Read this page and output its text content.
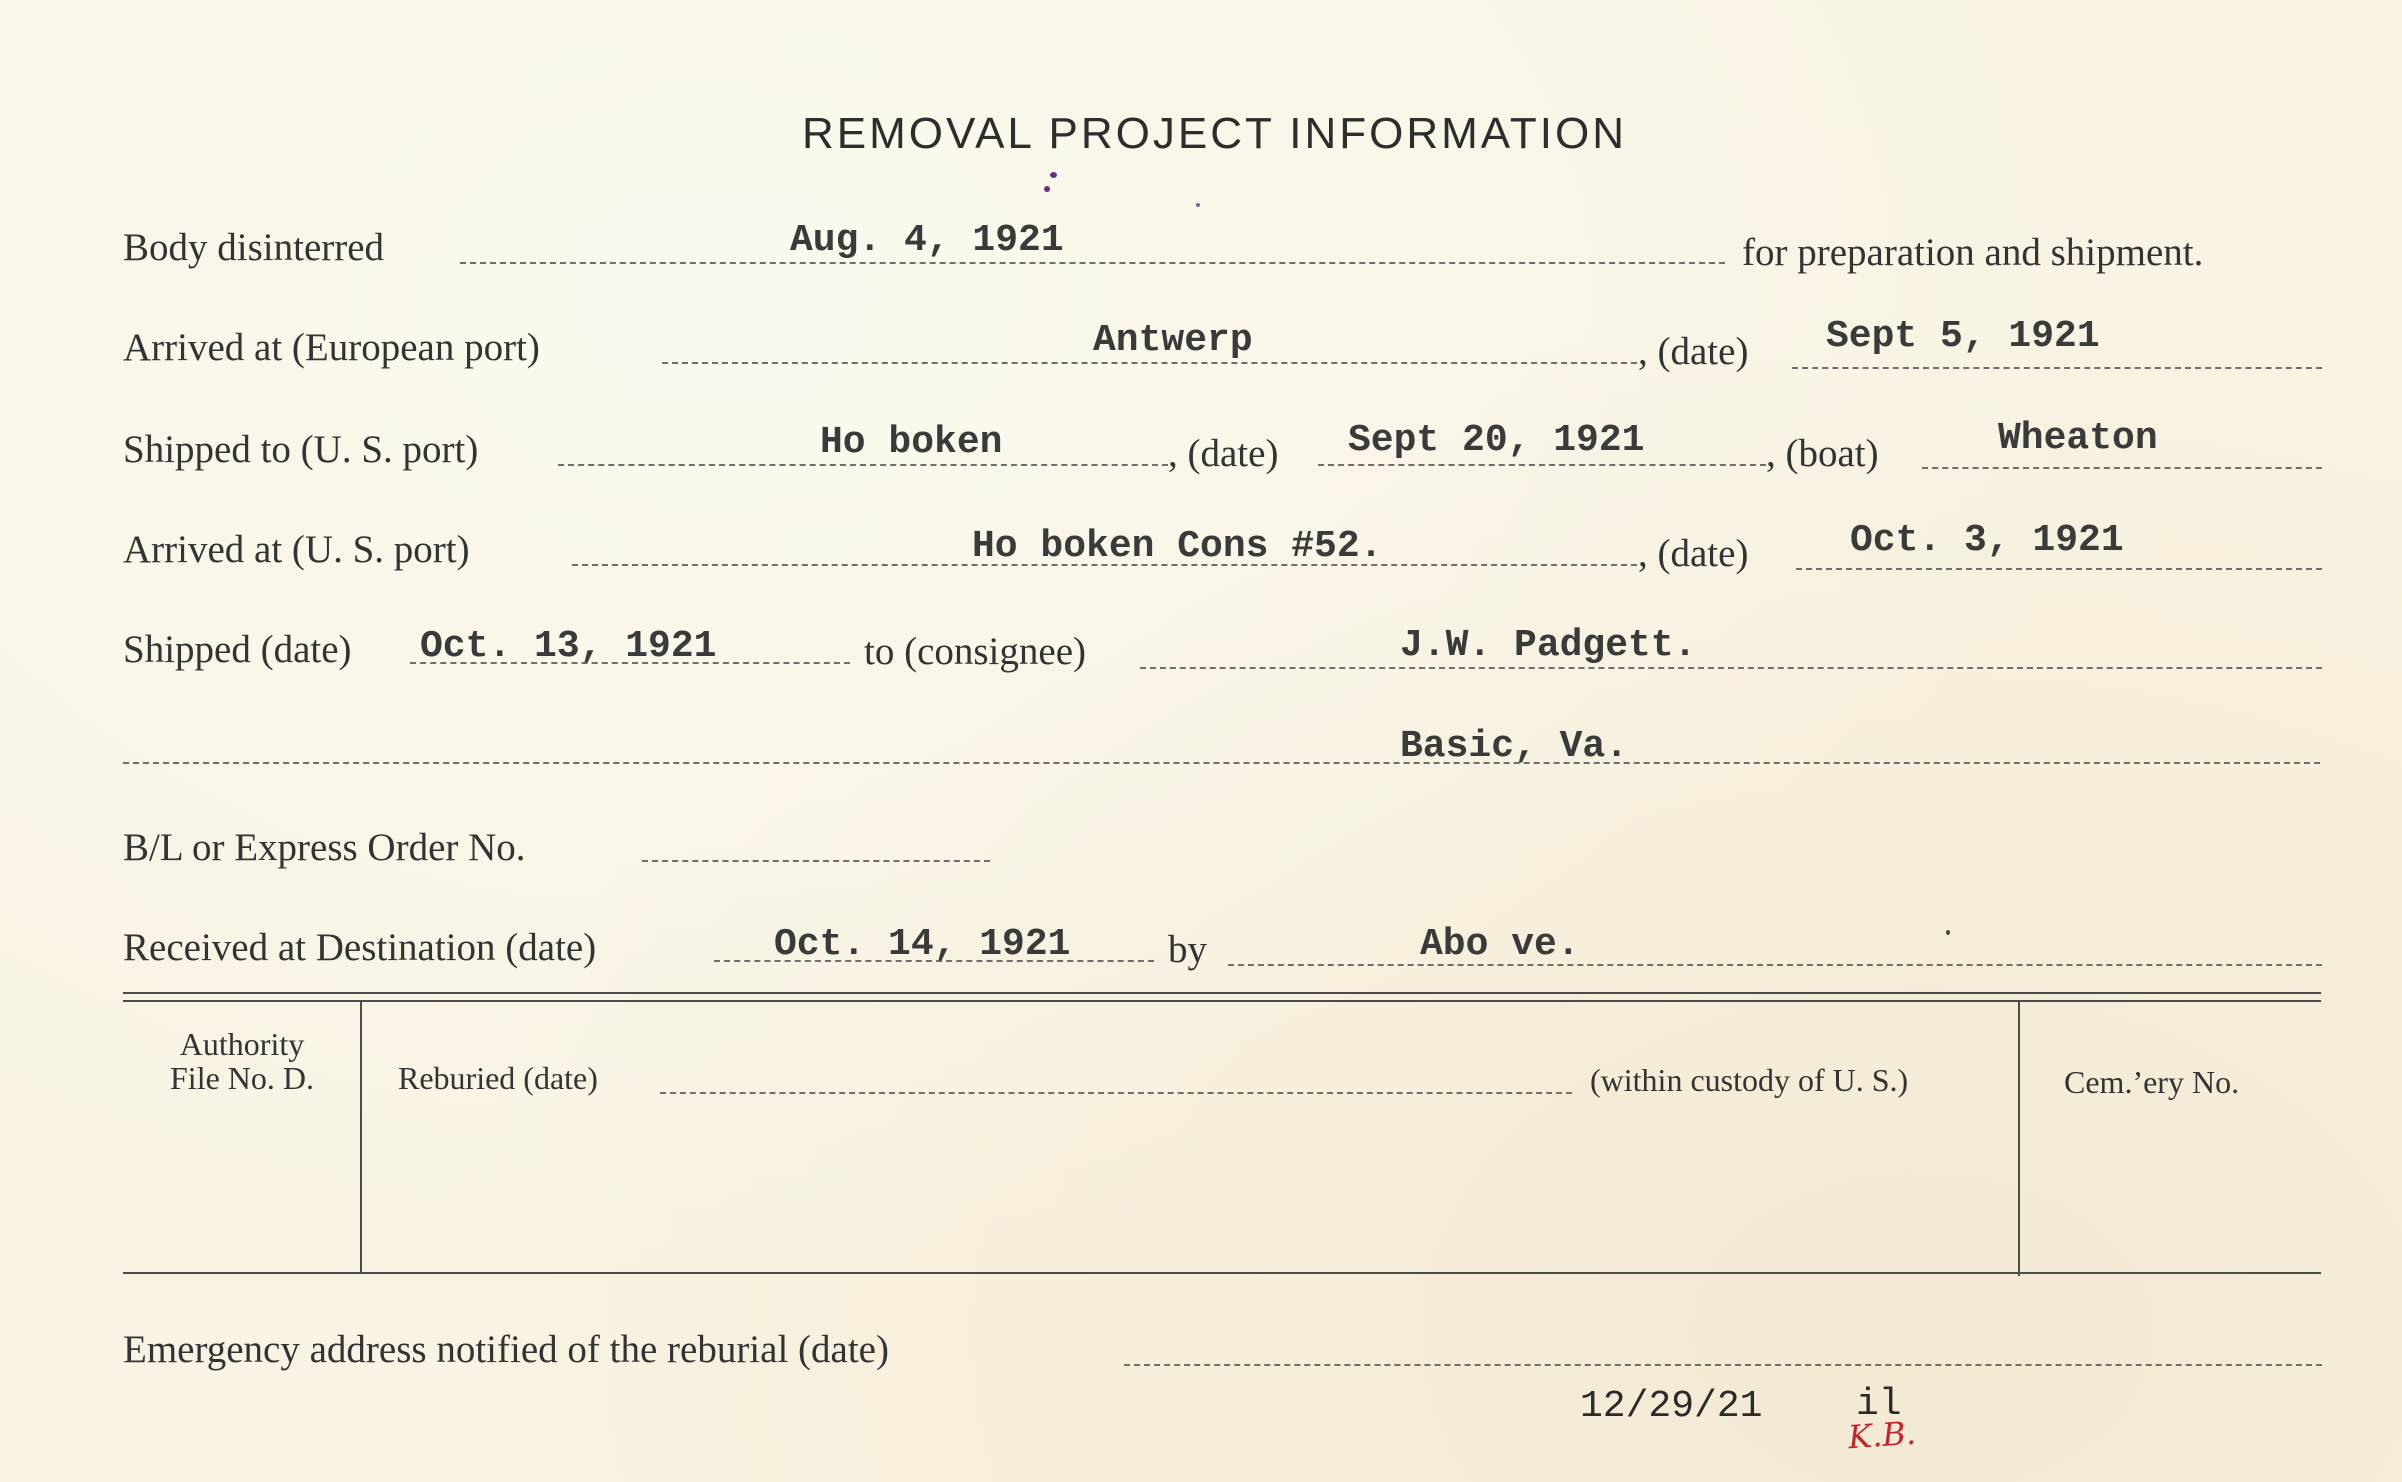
REMOVAL PROJECT INFORMATION
Body disinterred	Aug. 4, 1921	for preparation and shipment.
Arrived at (European port)	Antwerp	, (date) Sept 5, 1921
Shipped to (U. S. port)	Ho boken	, (date) Sept 20, 1921	, (boat)	Wheaton
Arrived at (U. S. port)	Ho boken Cons #52.	, (date)	Oct. 3, 1921
Shipped (date) Oct. 13, 1921	to (consignee)	J.W. Padgett.
Basic, Va.
B/L or Express Order No.
Received at Destination (date)	Oct. 14, 1921	by	Abo ve.
Authority
File No. D.	Reburied (date)	(within custody of U. S.)	Cem.ʼery No.
Emergency address notified of the reburial (date)
12/29/21 il
K.B.
